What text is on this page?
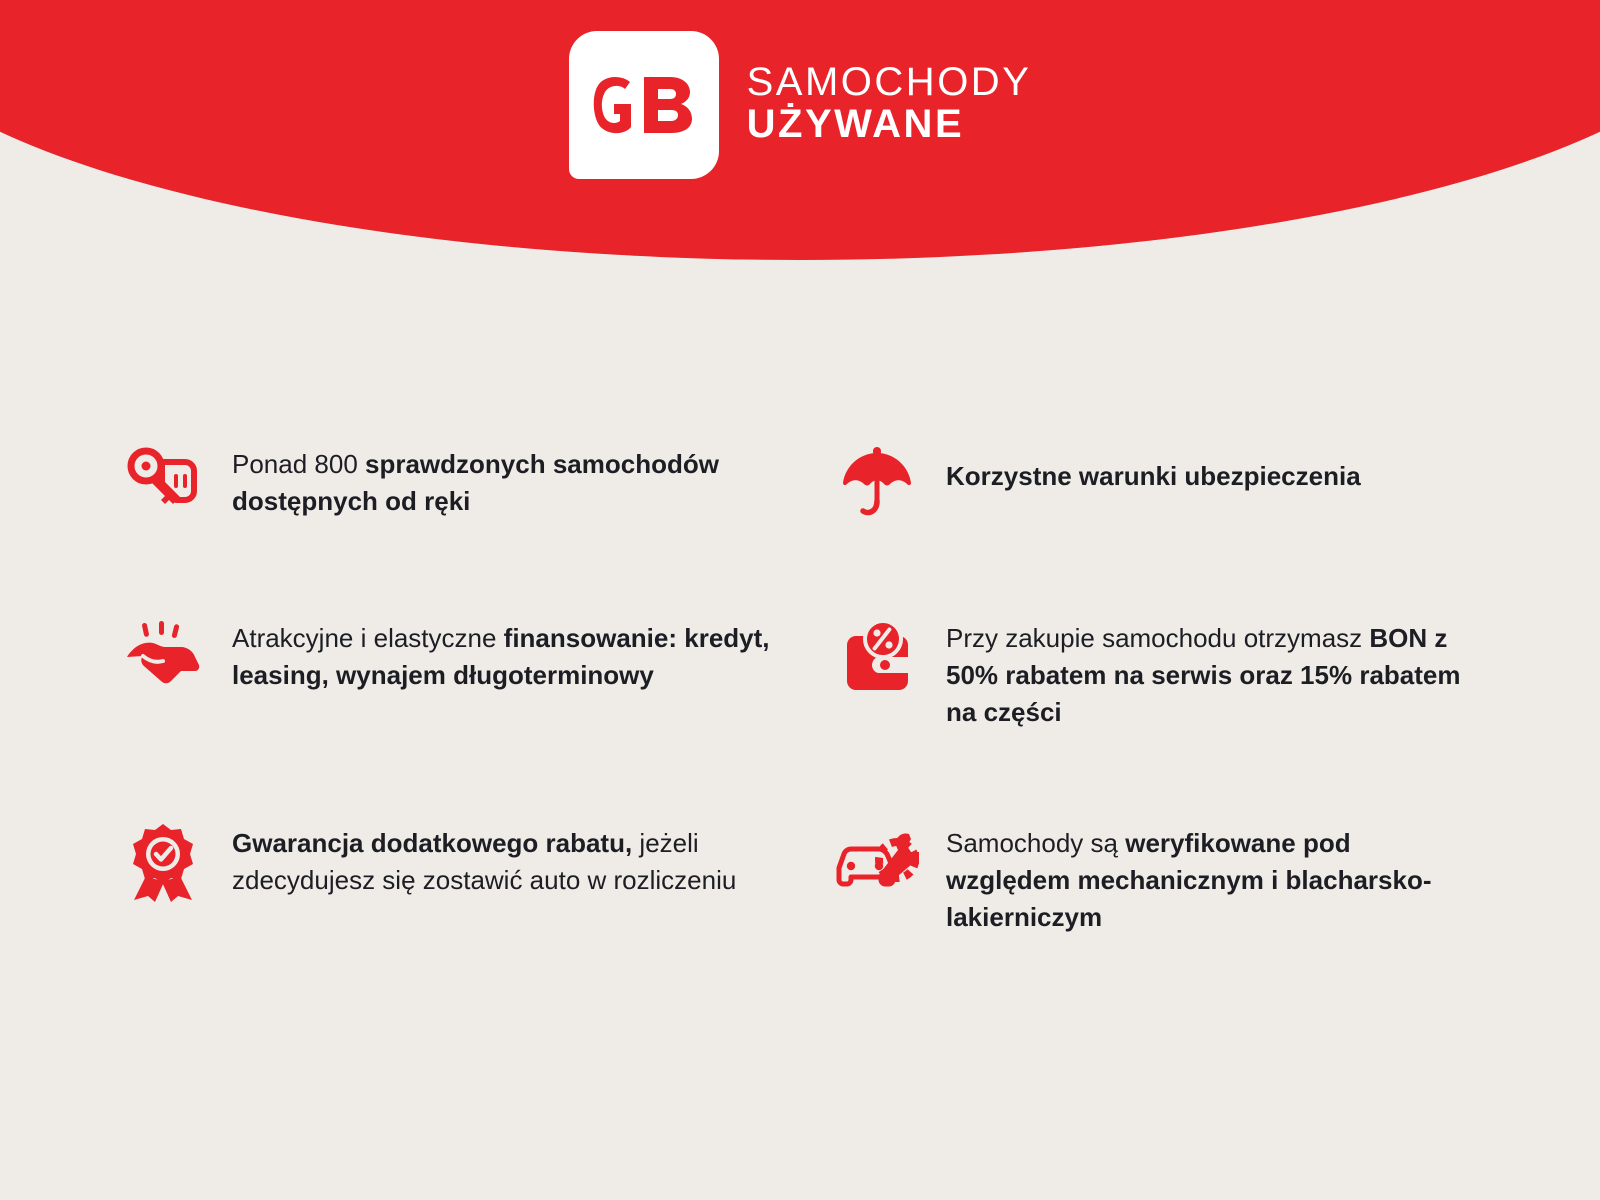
SAMOCHODY
UŻYWANE
Ponad 800 sprawdzonych samochodów dostępnych od ręki
Korzystne warunki ubezpieczenia
Atrakcyjne i elastyczne finansowanie: kredyt, leasing, wynajem długoterminowy
Przy zakupie samochodu otrzymasz BON z 50% rabatem na serwis oraz 15% rabatem na części
Gwarancja dodatkowego rabatu, jeżeli zdecydujesz się zostawić auto w rozliczeniu
Samochody są weryfikowane pod względem mechanicznym i blacharsko-lakierniczym
